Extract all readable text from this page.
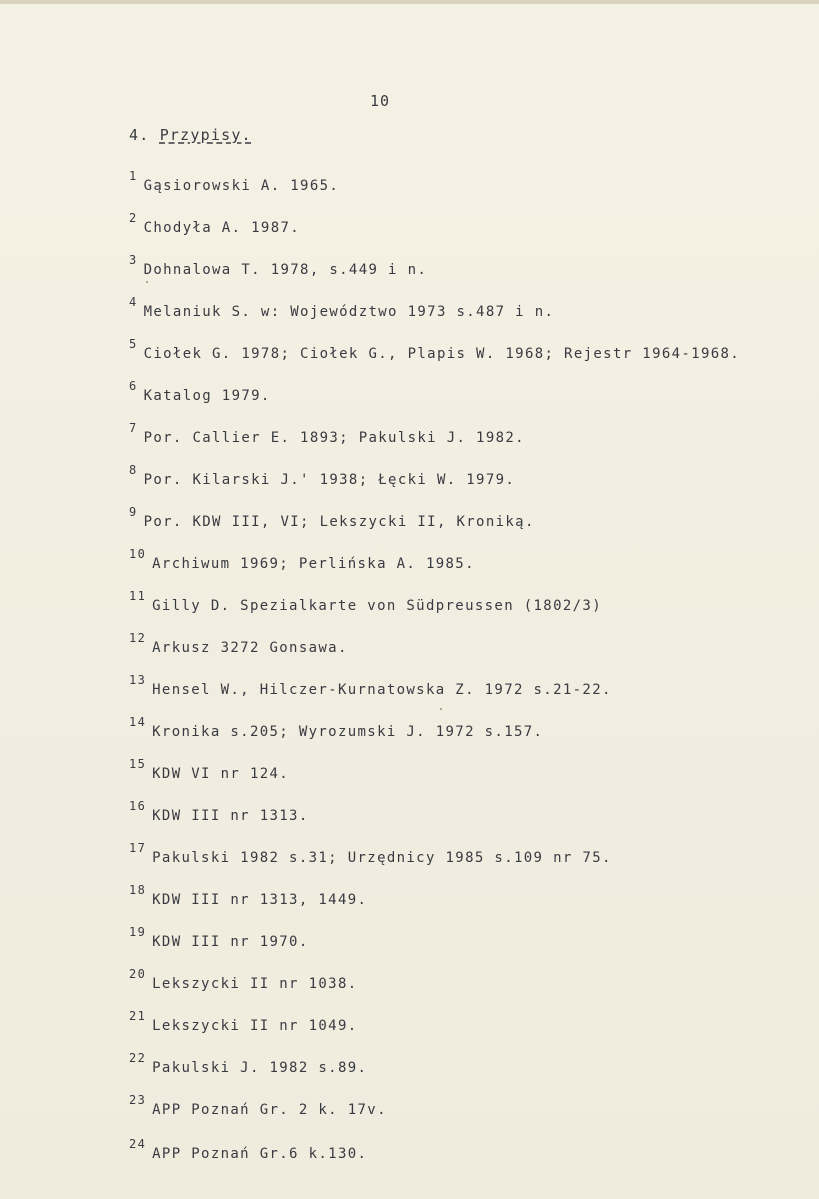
10
4. Przypisy.
1Gąsiorowski A. 1965.
2Chodyła A. 1987.
3Dohnalowa T. 1978, s.449 i n.
4Melaniuk S. w: Województwo 1973 s.487 i n.
5Ciołek G. 1978; Ciołek G., Plapis W. 1968; Rejestr 1964-1968.
6Katalog 1979.
7Por. Callier E. 1893; Pakulski J. 1982.
8Por. Kilarski J.' 1938; Łęcki W. 1979.
9Por. KDW III, VI; Lekszycki II, Kroniką.
10Archiwum 1969; Perlińska A. 1985.
11Gilly D. Spezialkarte von Südpreussen (1802/3)
12Arkusz 3272 Gonsawa.
13Hensel W., Hilczer-Kurnatowska Z. 1972 s.21-22.
14Kronika s.205; Wyrozumski J. 1972 s.157.
15KDW VI nr 124.
16KDW III nr 1313.
17Pakulski 1982 s.31; Urzędnicy 1985 s.109 nr 75.
18KDW III nr 1313, 1449.
19KDW III nr 1970.
20Lekszycki II nr 1038.
21Lekszycki II nr 1049.
22Pakulski J. 1982 s.89.
23APP Poznań Gr. 2 k. 17v.
24APP Poznań Gr.6 k.130.
